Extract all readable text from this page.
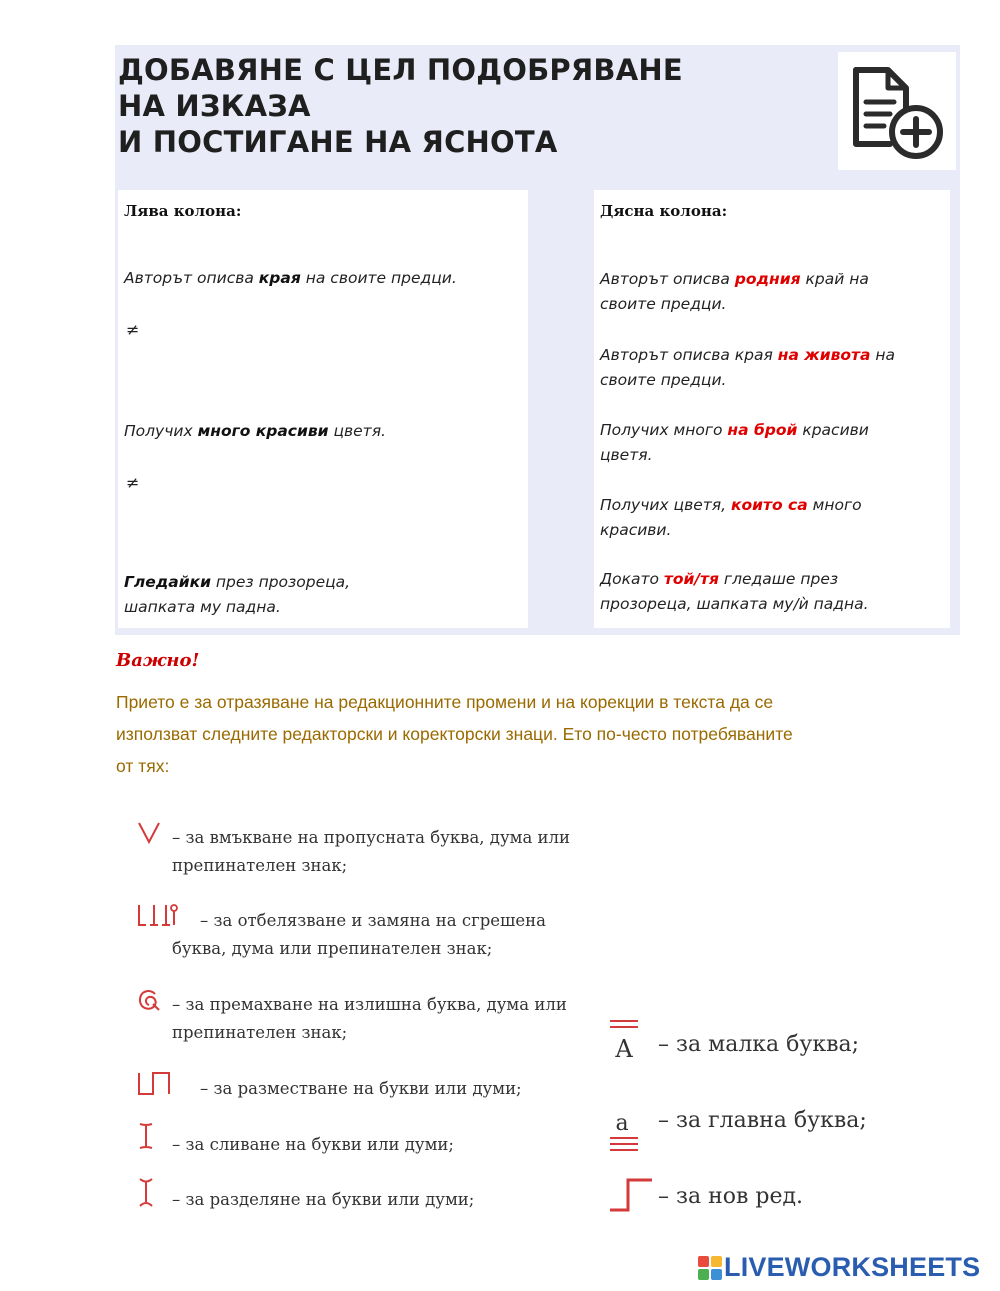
ДОБАВЯНЕ С ЦЕЛ ПОДОБРЯВАНЕ
НА ИЗКАЗА
И ПОСТИГАНЕ НА ЯСНОТА
Лява колона:
Авторът описва края на своите предци.
≠
Получих много красиви цветя.
≠
Гледайки през прозореца,
шапката му падна.
Дясна колона:
Авторът описва родния край на
своите предци.
Авторът описва края на живота на
своите предци.
Получих много на брой красиви
цветя.
Получих цветя, които са много
красиви.
Докато той/тя гледаше през
прозореца, шапката му/ѝ падна.
Важно!
Прието е за отразяване на редакционните промени и на корекции в текста да се
използват следните редакторски и коректорски знаци. Ето по-често потребяваните
от тях:
– за вмъкване на пропусната буква, дума или
препинателен знак;
– за отбелязване и замяна на сгрешена
буква, дума или препинателен знак;
– за премахване на излишна буква, дума или
препинателен знак;
– за разместване на букви или думи;
– за сливане на букви или думи;
– за разделяне на букви или думи;
A – за малка буква;
a – за главна буква;
– за нов ред.
LIVEWORKSHEETS
